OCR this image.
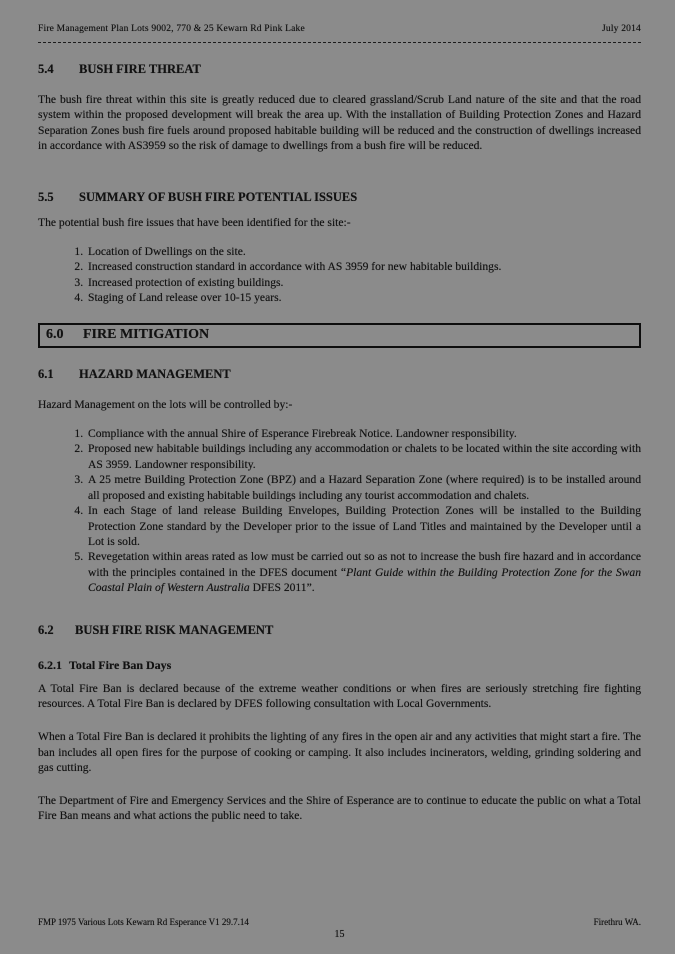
Fire Management Plan Lots 9002, 770 & 25 Kewarn Rd Pink Lake	July 2014
5.4 BUSH FIRE THREAT
The bush fire threat within this site is greatly reduced due to cleared grassland/Scrub Land nature of the site and that the road system within the proposed development will break the area up. With the installation of Building Protection Zones and Hazard Separation Zones bush fire fuels around proposed habitable building will be reduced and the construction of dwellings increased in accordance with AS3959 so the risk of damage to dwellings from a bush fire will be reduced.
5.5 SUMMARY OF BUSH FIRE POTENTIAL ISSUES
The potential bush fire issues that have been identified for the site:-
1. Location of Dwellings on the site.
2. Increased construction standard in accordance with AS 3959 for new habitable buildings.
3. Increased protection of existing buildings.
4. Staging of Land release over 10-15 years.
6.0 FIRE MITIGATION
6.1 HAZARD MANAGEMENT
Hazard Management on the lots will be controlled by:-
1. Compliance with the annual Shire of Esperance Firebreak Notice. Landowner responsibility.
2. Proposed new habitable buildings including any accommodation or chalets to be located within the site according with AS 3959. Landowner responsibility.
3. A 25 metre Building Protection Zone (BPZ) and a Hazard Separation Zone (where required) is to be installed around all proposed and existing habitable buildings including any tourist accommodation and chalets.
4. In each Stage of land release Building Envelopes, Building Protection Zones will be installed to the Building Protection Zone standard by the Developer prior to the issue of Land Titles and maintained by the Developer until a Lot is sold.
5. Revegetation within areas rated as low must be carried out so as not to increase the bush fire hazard and in accordance with the principles contained in the DFES document “Plant Guide within the Building Protection Zone for the Swan Coastal Plain of Western Australia DFES 2011”.
6.2 BUSH FIRE RISK MANAGEMENT
6.2.1 Total Fire Ban Days
A Total Fire Ban is declared because of the extreme weather conditions or when fires are seriously stretching fire fighting resources. A Total Fire Ban is declared by DFES following consultation with Local Governments.
When a Total Fire Ban is declared it prohibits the lighting of any fires in the open air and any activities that might start a fire. The ban includes all open fires for the purpose of cooking or camping. It also includes incinerators, welding, grinding soldering and gas cutting.
The Department of Fire and Emergency Services and the Shire of Esperance are to continue to educate the public on what a Total Fire Ban means and what actions the public need to take.
FMP 1975 Various Lots Kewarn Rd Esperance V1 29.7.14	Firethru WA.
15
